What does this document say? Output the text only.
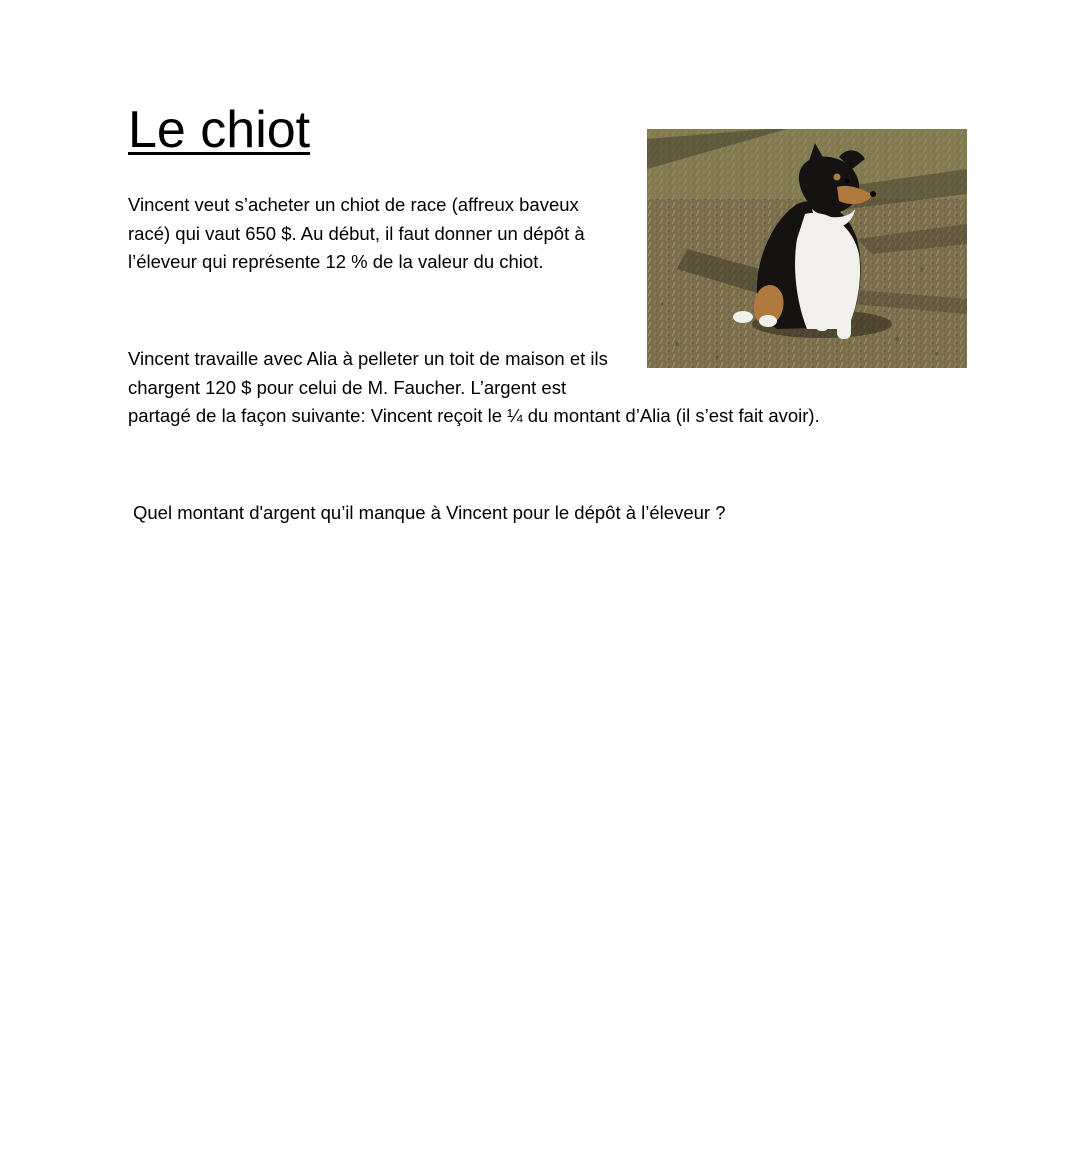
Le chiot

Vincent veut s’acheter un chiot de race (affreux baveux racé) qui vaut 650 $. Au début, il faut donner un dépôt à l’éleveur qui représente 12 % de la valeur du chiot.

Vincent travaille avec Alia à pelleter un toit de maison et ils chargent 120 $ pour celui de M. Faucher. L’argent est
partagé de la façon suivante: Vincent reçoit le ¼ du montant d’Alia (il s’est fait avoir).

Quel montant d'argent qu’il manque à Vincent pour le dépôt à l’éleveur ?
